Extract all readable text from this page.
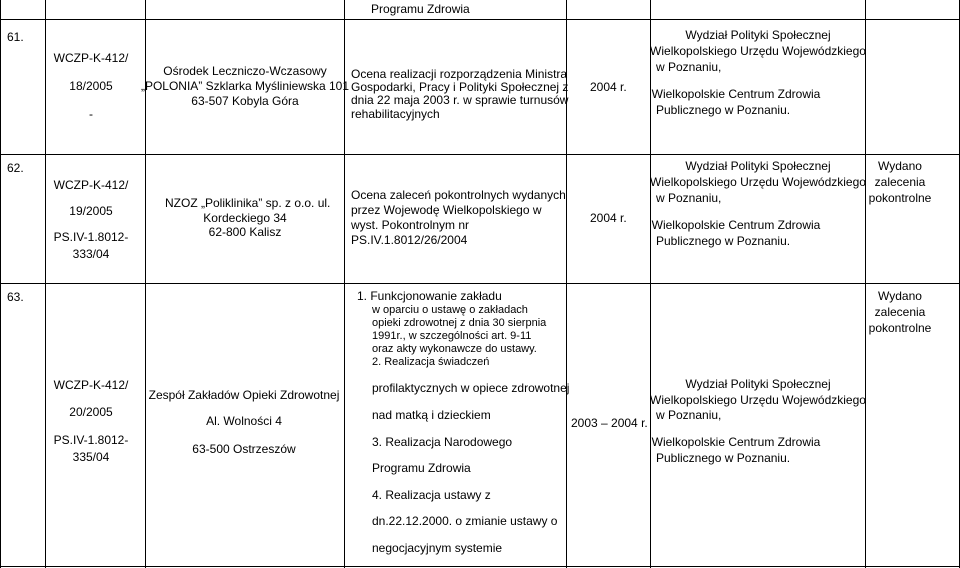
Programu Zdrowia
61.
WCZP-K-412/
18/2005
-
Ośrodek Leczniczo-Wczasowy
„POLONIA” Szklarka Myśliniewska 101
63-507 Kobyla Góra
Ocena realizacji rozporządzenia Ministra
Gospodarki, Pracy i Polityki Społecznej z
dnia 22 maja 2003 r. w sprawie turnusów
rehabilitacyjnych
2004 r.
Wydział Polityki Społecznej
Wielkopolskiego Urzędu Wojewódzkiego
w Poznaniu,
Wielkopolskie Centrum Zdrowia
Publicznego w Poznaniu.
62.
WCZP-K-412/
19/2005
PS.IV-1.8012-
333/04
NZOZ „Poliklinika” sp. z o.o. ul.
Kordeckiego 34
62-800 Kalisz
Ocena zaleceń pokontrolnych wydanych
przez Wojewodę Wielkopolskiego w
wyst. Pokontrolnym nr
PS.IV.1.8012/26/2004
2004 r.
Wydział Polityki Społecznej
Wielkopolskiego Urzędu Wojewódzkiego
w Poznaniu,
Wielkopolskie Centrum Zdrowia
Publicznego w Poznaniu.
Wydano
zalecenia
pokontrolne
63.
WCZP-K-412/
20/2005
PS.IV-1.8012-
335/04
Zespół Zakładów Opieki Zdrowotnej
Al. Wolności 4
63-500 Ostrzeszów
1. Funkcjonowanie zakładu
w oparciu o ustawę o zakładach
opieki zdrowotnej z dnia 30 sierpnia
1991r., w szczególności art. 9-11
oraz akty wykonawcze do ustawy.
2. Realizacja świadczeń
profilaktycznych w opiece zdrowotnej
nad matką i dzieckiem
3. Realizacja Narodowego
Programu Zdrowia
4. Realizacja ustawy z
dn.22.12.2000. o zmianie ustawy o
negocjacyjnym systemie
2003 – 2004 r.
Wydział Polityki Społecznej
Wielkopolskiego Urzędu Wojewódzkiego
w Poznaniu,
Wielkopolskie Centrum Zdrowia
Publicznego w Poznaniu.
Wydano
zalecenia
pokontrolne
